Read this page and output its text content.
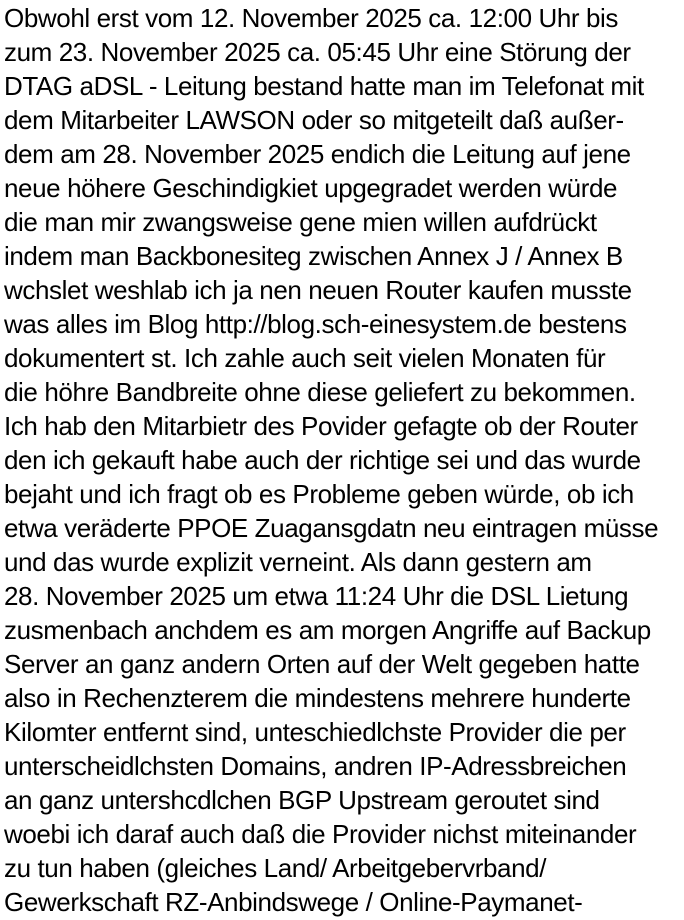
Obwohl erst vom 12. November 2025 ca. 12:00 Uhr bis
zum 23. November 2025 ca. 05:45 Uhr eine Störung der
DTAG aDSL - Leitung bestand hatte man im Telefonat mit
dem Mitarbeiter LAWSON oder so mitgeteilt daß außer-
dem am 28. November 2025 endich die Leitung auf jene
neue höhere Geschindigkiet upgegradet werden würde
die man mir zwangsweise gene mien willen aufdrückt
indem man Backbonesiteg zwischen Annex J / Annex B
wchslet weshlab ich ja nen neuen Router kaufen musste
was alles im Blog http://blog.sch-einesystem.de bestens
dokumentert st. Ich zahle auch seit vielen Monaten für
die höhre Bandbreite ohne diese geliefert zu bekommen.
Ich hab den Mitarbietr des Povider gefagte ob der Router
den ich gekauft habe auch der richtige sei und das wurde
bejaht und ich fragt ob es Probleme geben würde, ob ich
etwa veräderte PPOE Zuagansgdatn neu eintragen müsse
und das wurde explizit verneint. Als dann gestern am
28. November 2025 um etwa 11:24 Uhr die DSL Lietung
zusmenbach anchdem es am morgen Angriffe auf Backup
Server an ganz andern Orten auf der Welt gegeben hatte
also in Rechenzterem die mindestens mehrere hunderte
Kilomter entfernt sind, unteschiedlchste Provider die per
unterscheidlchsten Domains, andren IP-Adressbreichen
an ganz untershcdlchen BGP Upstream geroutet sind
woebi ich daraf auch daß die Provider nichst miteinander
zu tun haben (gleiches Land/ Arbeitgebervrband/
Gewerkschaft RZ-Anbindswege / Online-Paymanet-
